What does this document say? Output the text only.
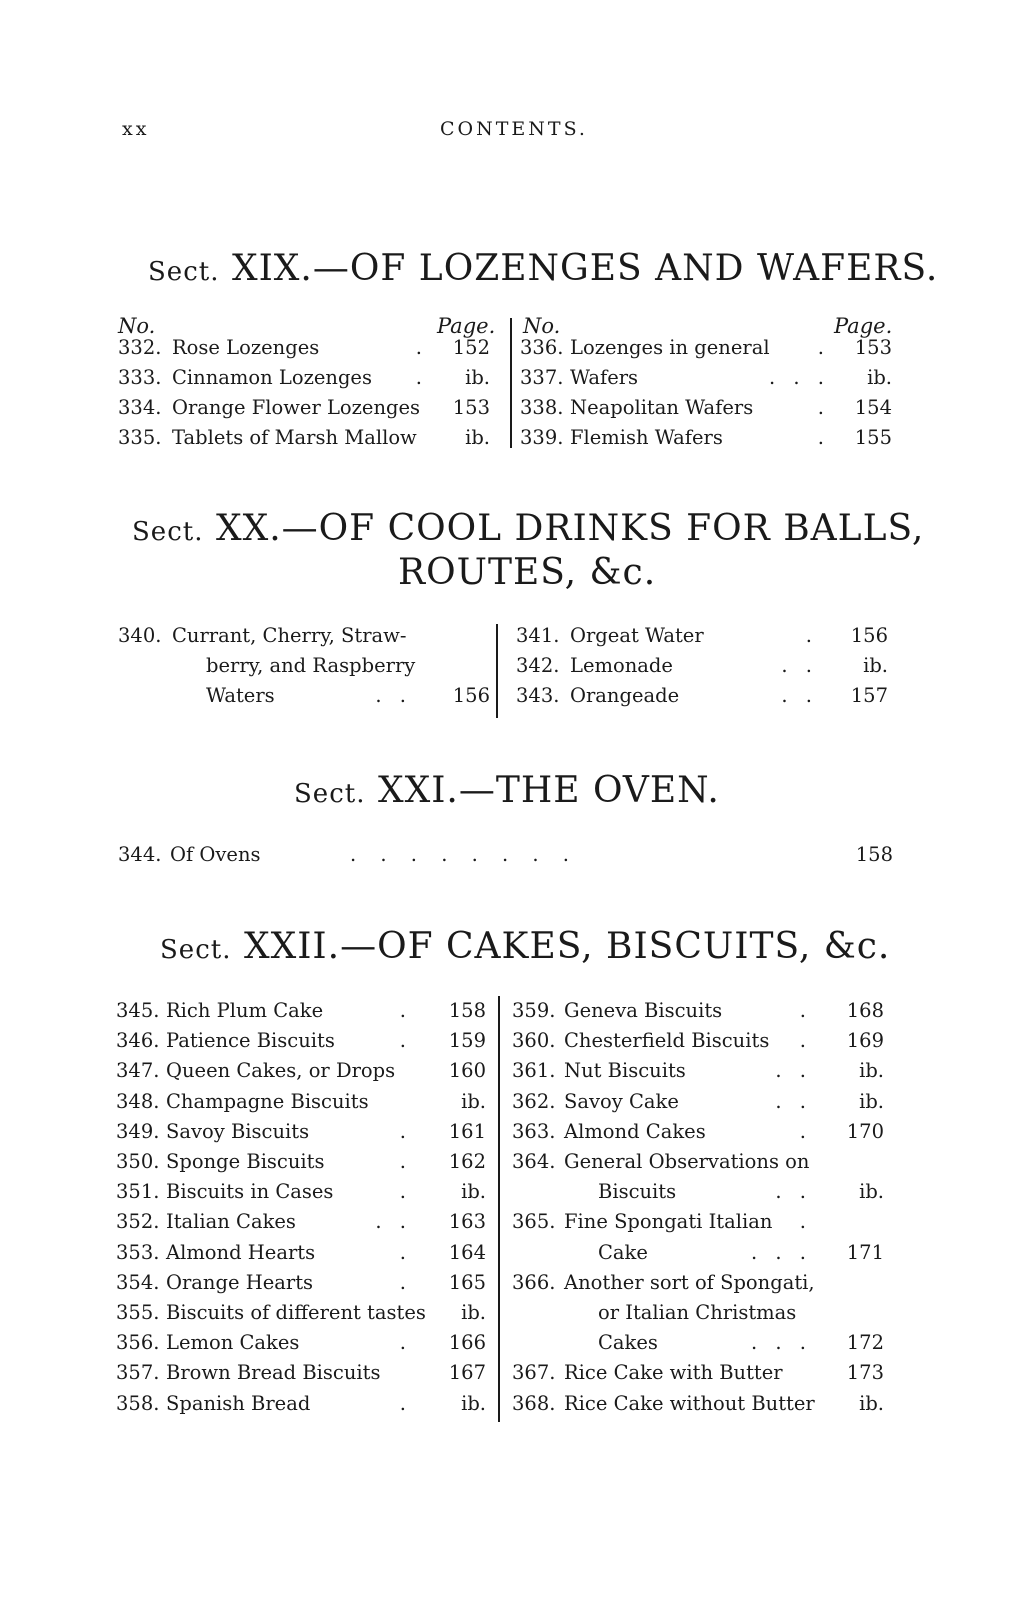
xx	CONTENTS.
Sect. XIX.—OF LOZENGES AND WAFERS.
No.	Page. No.	Page.
332. Rose Lozenges	. 152
333. Cinnamon Lozenges . ib.
334. Orange Flower Lozenges 153
335. Tablets of Marsh Mallow ib.
336. Lozenges in general . 153
337. Wafers	. . . ib.
338. Neapolitan Wafers	. 154
339. Flemish Wafers	. 155
Sect. XX.—OF COOL DRINKS FOR BALLS,
ROUTES, &c.
340. Currant, Cherry, Straw-
berry, and Raspberry
Waters	. . 156
341. Orgeat Water	. 156
342. Lemonade	. . ib.
343. Orangeade	. . 157
Sect. XXI.—THE OVEN.
344. Of Ovens	. . . . . . . .	158
Sect. XXII.—OF CAKES, BISCUITS, &c.
345. Rich Plum Cake	. 158
346. Patience Biscuits	. 159
347. Queen Cakes, or Drops	160
348. Champagne Biscuits	ib.
349. Savoy Biscuits	. 161
350. Sponge Biscuits	. 162
351. Biscuits in Cases	.	ib.
352. Italian Cakes	. . 163
353. Almond Hearts	. 164
354. Orange Hearts	. 165
355. Biscuits of different tastes ib.
356. Lemon Cakes	. 166
357. Brown Bread Biscuits	167
358. Spanish Bread	.	ib.
359. Geneva Biscuits	. 168
360. Chesterfield Biscuits . 169
361. Nut Biscuits	. . ib.
362. Savoy Cake	. . ib.
363. Almond Cakes	. 170
364. General Observations on
Biscuits	. . ib.
365. Fine Spongati Italian .
Cake	. . . 171
366. Another sort of Spongati,
or Italian Christmas
Cakes	. . . 172
367. Rice Cake with Butter	173
368. Rice Cake without Butter ib.
